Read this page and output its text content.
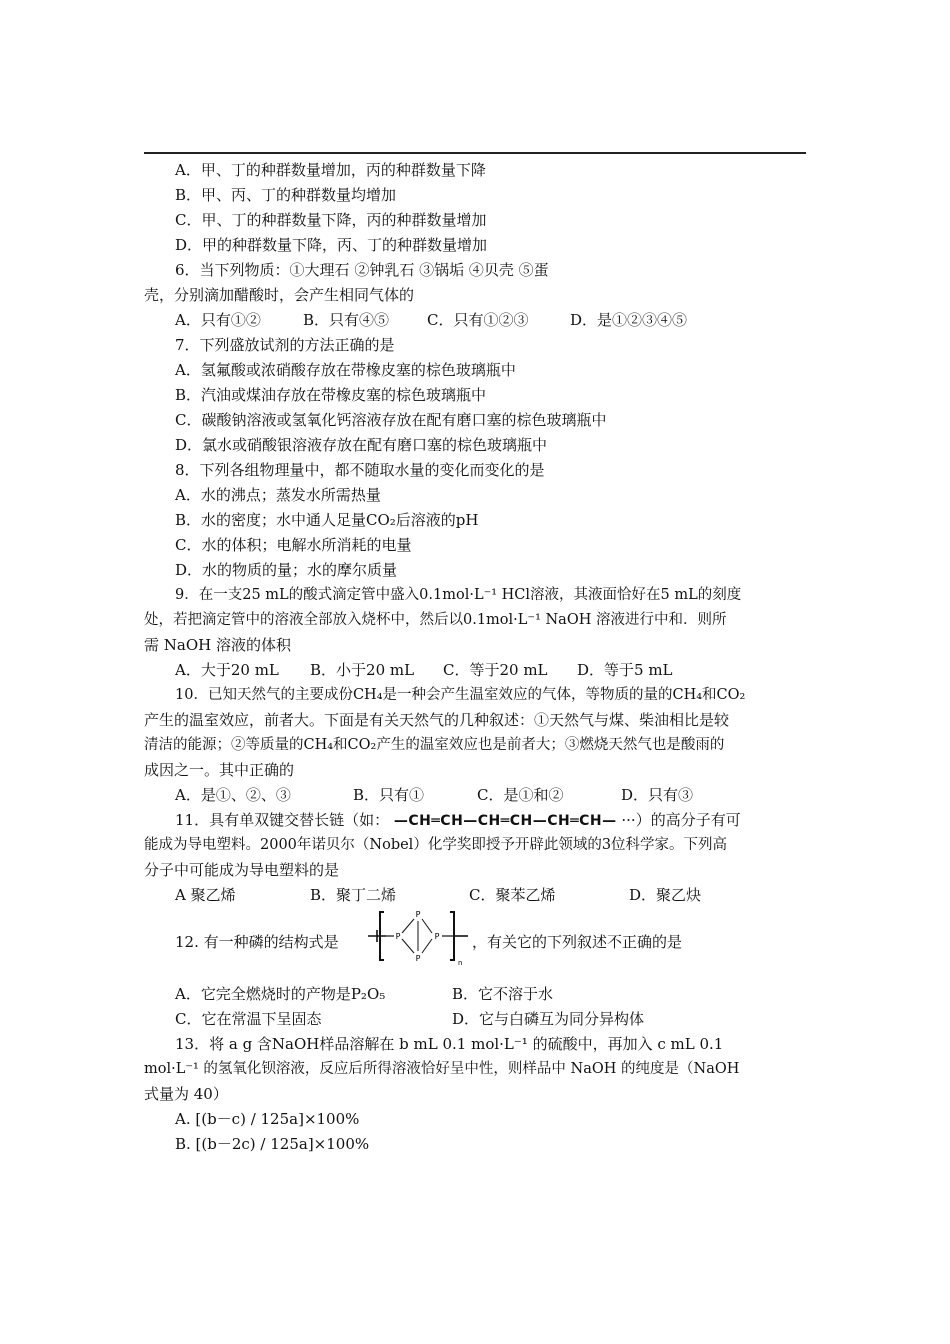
A．甲、丁的种群数量增加，丙的种群数量下降
B．甲、丙、丁的种群数量均增加
C．甲、丁的种群数量下降，丙的种群数量增加
D．甲的种群数量下降，丙、丁的种群数量增加
6．当下列物质：①大理石 ②钟乳石 ③锅垢 ④贝壳 ⑤蛋
壳，分别滴加醋酸时，会产生相同气体的
A．只有①②	B．只有④⑤	C．只有①②③	D．是①②③④⑤
7．下列盛放试剂的方法正确的是
A．氢氟酸或浓硝酸存放在带橡皮塞的棕色玻璃瓶中
B．汽油或煤油存放在带橡皮塞的棕色玻璃瓶中
C．碳酸钠溶液或氢氧化钙溶液存放在配有磨口塞的棕色玻璃瓶中
D．氯水或硝酸银溶液存放在配有磨口塞的棕色玻璃瓶中
8．下列各组物理量中，都不随取水量的变化而变化的是
A．水的沸点；蒸发水所需热量
B．水的密度；水中通人足量CO₂后溶液的pH
C．水的体积；电解水所消耗的电量
D．水的物质的量；水的摩尔质量
9．在一支25 mL的酸式滴定管中盛入0.1mol·L⁻¹ HCl溶液，其液面恰好在5 mL的刻度
处，若把滴定管中的溶液全部放入烧杯中，然后以0.1mol·L⁻¹ NaOH 溶液进行中和．则所
需 NaOH 溶液的体积
A．大于20 mL B．小于20 mL C．等于20 mL D．等于5 mL
10．已知天然气的主要成份CH₄是一种会产生温室效应的气体，等物质的量的CH₄和CO₂
产生的温室效应，前者大。下面是有关天然气的几种叙述：①天然气与煤、柴油相比是较
清洁的能源；②等质量的CH₄和CO₂产生的温室效应也是前者大；③燃烧天然气也是酸雨的
成因之一。其中正确的
A．是①、②、③	B．只有①	C．是①和②	D．只有③
11．具有单双键交替长链（如： —CH═CH—CH═CH—CH═CH— ···）的高分子有可
能成为导电塑料。2000年诺贝尔（Nobel）化学奖即授予开辟此领域的3位科学家。下列高
分子中可能成为导电塑料的是
A 聚乙烯	B．聚丁二烯	C．聚苯乙烯	D．聚乙炔
12. 有一种磷的结构式是
P
P	P
P	n
，有关它的下列叙述不正确的是
A．它完全燃烧时的产物是P₂O₅	B．它不溶于水
C．它在常温下呈固态	D．它与白磷互为同分异构体
13．将 a g 含NaOH样品溶解在 b mL 0.1 mol·L⁻¹ 的硫酸中，再加入 c mL 0.1
mol·L⁻¹ 的氢氧化钡溶液，反应后所得溶液恰好呈中性，则样品中 NaOH 的纯度是（NaOH
式量为 40）
A. [(b－c) / 125a]×100%
B. [(b－2c) / 125a]×100%
